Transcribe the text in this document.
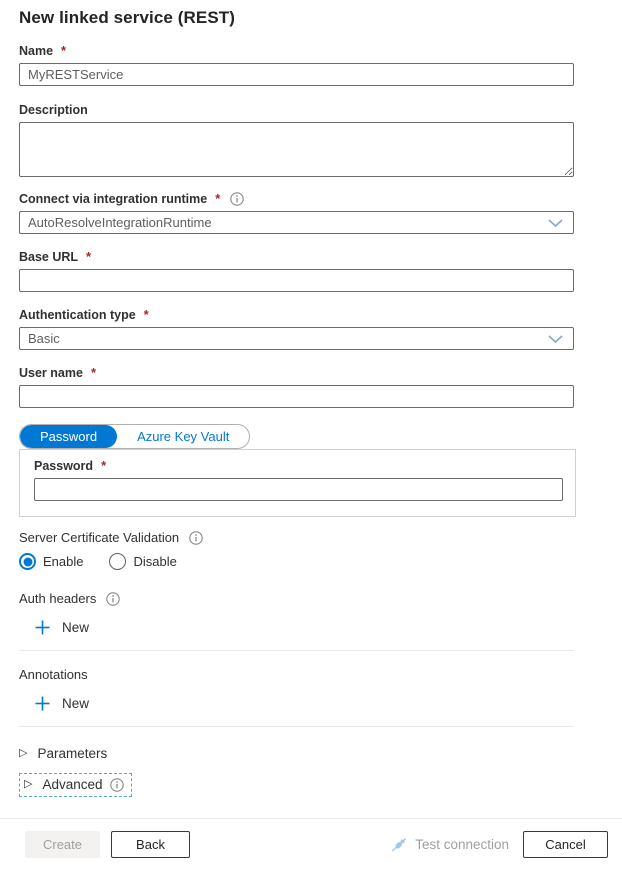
New linked service (REST)
Name *
MyRESTService
Description
Connect via integration runtime *
AutoResolveIntegrationRuntime
Base URL *
Authentication type *
Basic
User name *
Password	Azure Key Vault
Password *
Server Certificate Validation
Enable	Disable
Auth headers
New
Annotations
New
▷ Parameters
▷ Advanced
Create	Back	Test connection	Cancel
